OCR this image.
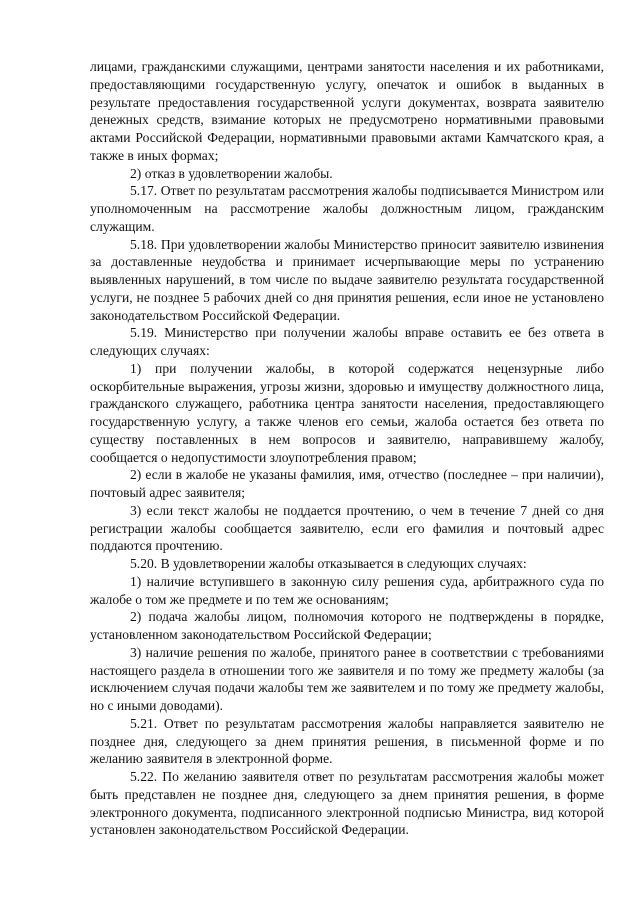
лицами, гражданскими служащими, центрами занятости населения и их работниками, предоставляющими государственную услугу, опечаток и ошибок в выданных в результате предоставления государственной услуги документах, возврата заявителю денежных средств, взимание которых не предусмотрено нормативными правовыми актами Российской Федерации, нормативными правовыми актами Камчатского края, а также в иных формах;

2) отказ в удовлетворении жалобы.

5.17. Ответ по результатам рассмотрения жалобы подписывается Министром или уполномоченным на рассмотрение жалобы должностным лицом, гражданским служащим.

5.18. При удовлетворении жалобы Министерство приносит заявителю извинения за доставленные неудобства и принимает исчерпывающие меры по устранению выявленных нарушений, в том числе по выдаче заявителю результата государственной услуги, не позднее 5 рабочих дней со дня принятия решения, если иное не установлено законодательством Российской Федерации.

5.19. Министерство при получении жалобы вправе оставить ее без ответа в следующих случаях:

1) при получении жалобы, в которой содержатся нецензурные либо оскорбительные выражения, угрозы жизни, здоровью и имуществу должностного лица, гражданского служащего, работника центра занятости населения, предоставляющего государственную услугу, а также членов его семьи, жалоба остается без ответа по существу поставленных в нем вопросов и заявителю, направившему жалобу, сообщается о недопустимости злоупотребления правом;

2) если в жалобе не указаны фамилия, имя, отчество (последнее – при наличии), почтовый адрес заявителя;

3) если текст жалобы не поддается прочтению, о чем в течение 7 дней со дня регистрации жалобы сообщается заявителю, если его фамилия и почтовый адрес поддаются прочтению.

5.20. В удовлетворении жалобы отказывается в следующих случаях:

1) наличие вступившего в законную силу решения суда, арбитражного суда по жалобе о том же предмете и по тем же основаниям;

2) подача жалобы лицом, полномочия которого не подтверждены в порядке, установленном законодательством Российской Федерации;

3) наличие решения по жалобе, принятого ранее в соответствии с требованиями настоящего раздела в отношении того же заявителя и по тому же предмету жалобы (за исключением случая подачи жалобы тем же заявителем и по тому же предмету жалобы, но с иными доводами).

5.21. Ответ по результатам рассмотрения жалобы направляется заявителю не позднее дня, следующего за днем принятия решения, в письменной форме и по желанию заявителя в электронной форме.

5.22. По желанию заявителя ответ по результатам рассмотрения жалобы может быть представлен не позднее дня, следующего за днем принятия решения, в форме электронного документа, подписанного электронной подписью Министра, вид которой установлен законодательством Российской Федерации.
